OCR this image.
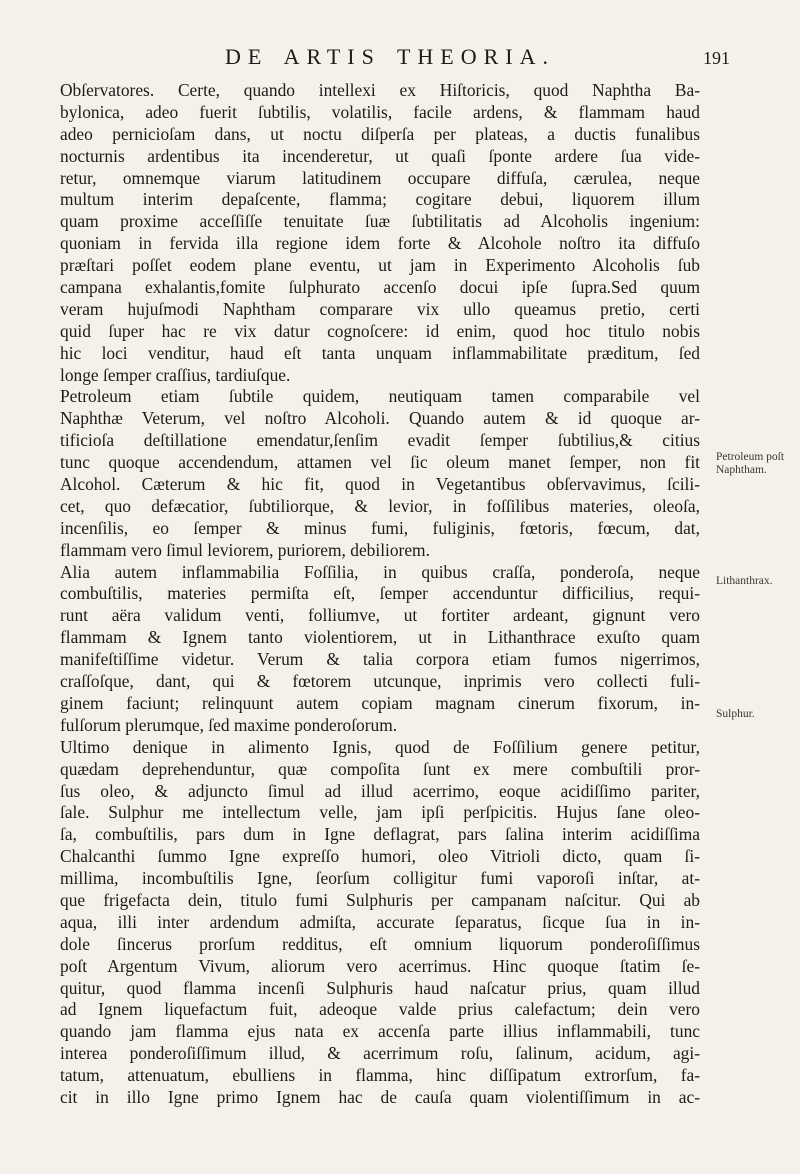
DE ARTIS THEORIA.	191
Obſervatores. Certe, quando intellexi ex Hiſtoricis, quod Naphtha Ba-
bylonica, adeo fuerit ſubtilis, volatilis, facile ardens, & flammam haud
adeo pernicioſam dans, ut noctu diſperſa per plateas, a ductis funalibus
nocturnis ardentibus ita incenderetur, ut quaſi ſponte ardere ſua vide-
retur, omnemque viarum latitudinem occupare diffuſa, cærulea, neque
multum interim depaſcente, flamma; cogitare debui, liquorem illum
quam proxime acceſſiſſe tenuitate ſuæ ſubtilitatis ad Alcoholis ingenium:
quoniam in fervida illa regione idem forte & Alcohole noſtro ita diffuſo
præſtari poſſet eodem plane eventu, ut jam in Experimento Alcoholis ſub
campana exhalantis,fomite ſulphurato accenſo docui ipſe ſupra.Sed quum
veram hujuſmodi Naphtham comparare vix ullo queamus pretio, certi
quid ſuper hac re vix datur cognoſcere: id enim, quod hoc titulo nobis
hic loci venditur, haud eſt tanta unquam inflammabilitate præditum, ſed
longe ſemper craſſius, tardiuſque.
Petroleum etiam ſubtile quidem, neutiquam tamen comparabile vel
Naphthæ Veterum, vel noſtro Alcoholi. Quando autem & id quoque ar-
tificioſa deſtillatione emendatur,ſenſim evadit ſemper ſubtilius,& citius
tunc quoque accendendum, attamen vel ſic oleum manet ſemper, non fit
Alcohol. Cæterum & hic fit, quod in Vegetantibus obſervavimus, ſcili-
cet, quo defæcatior, ſubtiliorque, & levior, in foſſilibus materies, oleoſa,
incenſilis, eo ſemper & minus fumi, fuliginis, fœtoris, fœcum, dat,
flammam vero ſimul leviorem, puriorem, debiliorem.
Alia autem inflammabilia Foſſilia, in quibus craſſa, ponderoſa, neque
combuſtilis, materies permiſta eſt, ſemper accenduntur difficilius, requi-
runt aëra validum venti, folliumve, ut fortiter ardeant, gignunt vero
flammam & Ignem tanto violentiorem, ut in Lithanthrace exuſto quam
manifeſtiſſime videtur. Verum & talia corpora etiam fumos nigerrimos,
craſſoſque, dant, qui & fœtorem utcunque, inprimis vero collecti fuli-
ginem faciunt; relinquunt autem copiam magnam cinerum fixorum, in-
fulſorum plerumque, ſed maxime ponderoſorum.
Ultimo denique in alimento Ignis, quod de Foſſilium genere petitur,
quædam deprehenduntur, quæ compoſita ſunt ex mere combuſtili pror-
ſus oleo, & adjuncto ſimul ad illud acerrimo, eoque acidiſſimo pariter,
ſale. Sulphur me intellectum velle, jam ipſi perſpicitis. Hujus ſane oleo-
ſa, combuſtilis, pars dum in Igne deflagrat, pars ſalina interim acidiſſima
Chalcanthi ſummo Igne expreſſo humori, oleo Vitrioli dicto, quam ſi-
millima, incombuſtilis Igne, ſeorſum colligitur fumi vaporoſi inſtar, at-
que frigefacta dein, titulo fumi Sulphuris per campanam naſcitur. Qui ab
aqua, illi inter ardendum admiſta, accurate ſeparatus, ſicque ſua in in-
dole ſincerus prorſum redditus, eſt omnium liquorum ponderoſiſſimus
poſt Argentum Vivum, aliorum vero acerrimus. Hinc quoque ſtatim ſe-
quitur, quod flamma incenſi Sulphuris haud naſcatur prius, quam illud
ad Ignem liquefactum fuit, adeoque valde prius calefactum; dein vero
quando jam flamma ejus nata ex accenſa parte illius inflammabili, tunc
interea ponderoſiſſimum illud, & acerrimum roſu, ſalinum, acidum, agi-
tatum, attenuatum, ebulliens in flamma, hinc diſſipatum extrorſum, fa-
cit in illo Igne primo Ignem hac de cauſa quam violentiſſimum in ac-
Petroleum poſt Naphtham.
Lithanthrax.
Sulphur.
